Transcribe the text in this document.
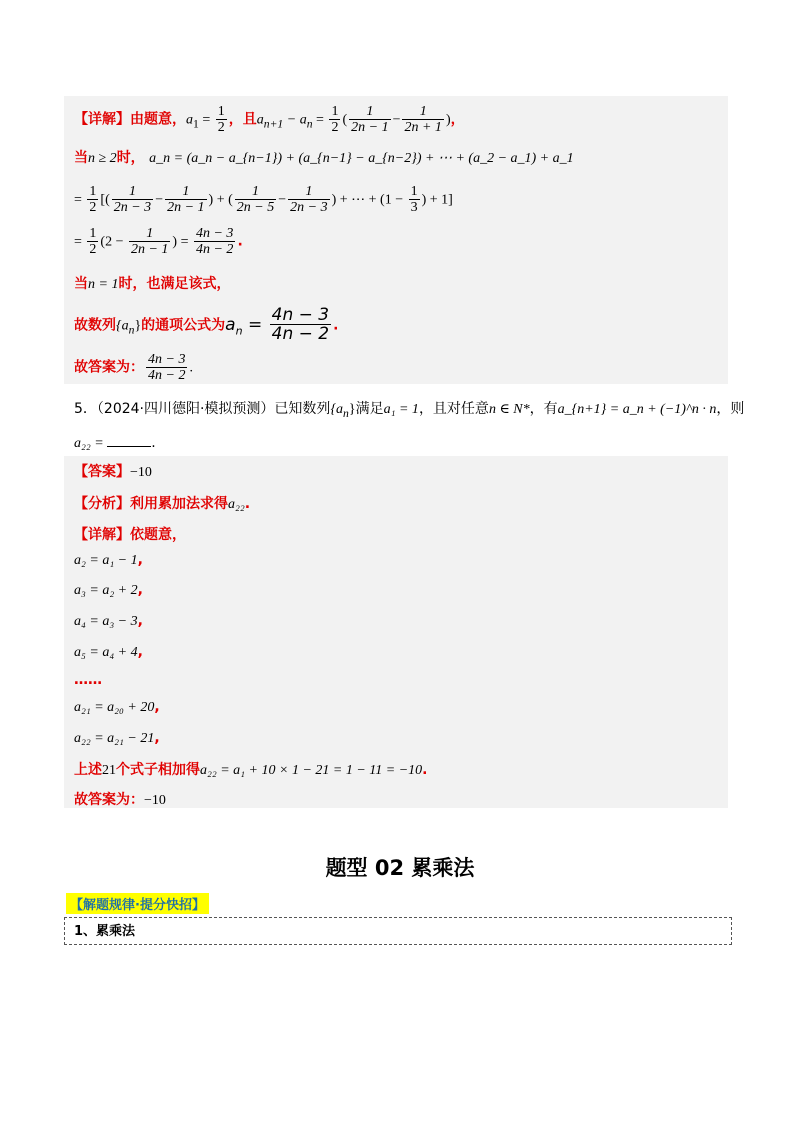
【详解】由题意，$a_1 = \frac{1}{2}$ ，且$a_{n+1} - a_n = \frac{1}{2}$ ( $\frac{1}{2n - 1} - \frac{1}{2n + 1}$ )，
当n ≥ 2时， a_n = (a_n − a_{n−1}) + (a_{n−1} − a_{n−2}) + ⋯ + (a_2 − a_1) + a_1
= $\frac{1}{2}$ [( $\frac{1}{2n - 3} - \frac{1}{2n - 1}$ ) + ( $\frac{1}{2n - 5} - \frac{1}{2n - 3}$ ) + ⋯ + ($1 - \frac{1}{3}$ ) + 1]
= $\frac{1}{2} (2 - \frac{1}{2n - 1}$ ) = $\frac{4n - 3}{4n - 2}$ .
当n = 1时，也满足该式，
故数列$\{a_n\}$的通项公式为$a_n = \frac{4n - 3}{4n - 2}$ .
故答案为： $\frac{4n - 3}{4n - 2}$ .
5．（2024·四川德阳·模拟预测）已知数列$\{a_n\}$满足a₁ = 1，且对任意n ∈ N*，有a_{n+1} = a_n + (−1)^n · n，则
a₂₂ =	.
【答案】−10
【分析】利用累加法求得a₂₂.
【详解】依题意，
a₂ = a₁ − 1,
a₃ = a₂ + 2,
a₄ = a₃ − 3,
a₅ = a₄ + 4,
……
a₂₁ = a₂₀ + 20,
a₂₂ = a₂₁ − 21,
上述21个式子相加得a₂₂ = a₁ + 10 × 1 − 21 = 1 − 11 = −10.
故答案为：−10
题型 02 累乘法
【解题规律·提分快招】
1、累乘法
